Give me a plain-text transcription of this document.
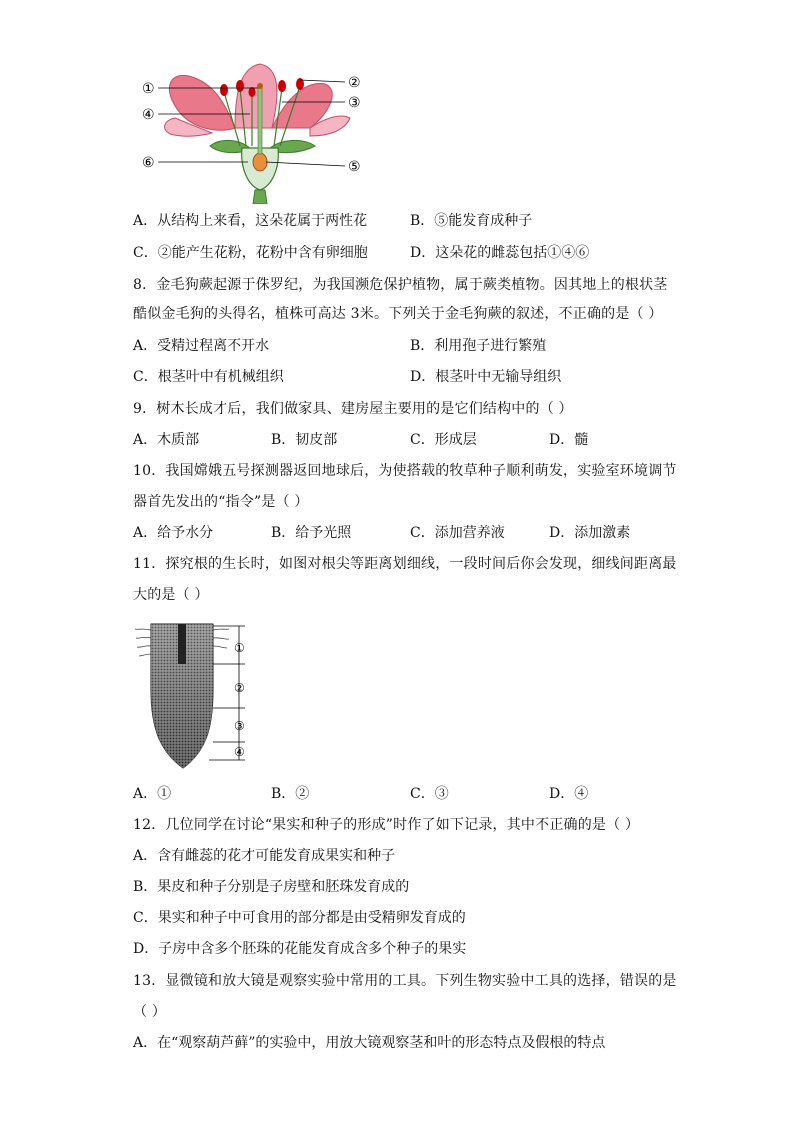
①	②
③
④
⑤
⑥
A．从结构上来看，这朵花属于两性花	B．⑤能发育成种子
C．②能产生花粉，花粉中含有卵细胞	D．这朵花的雌蕊包括①④⑥
8．金毛狗蕨起源于侏罗纪，为我国濒危保护植物，属于蕨类植物。因其地上的根状茎
酷似金毛狗的头得名，植株可高达 3米。下列关于金毛狗蕨的叙述，不正确的是（ ）
A．受精过程离不开水	B．利用孢子进行繁殖
C．根茎叶中有机械组织	D．根茎叶中无输导组织
9．树木长成才后，我们做家具、建房屋主要用的是它们结构中的（ ）
A．木质部	B．韧皮部	C．形成层	D．髓
10．我国嫦娥五号探测器返回地球后，为使搭载的牧草种子顺利萌发，实验室环境调节
器首先发出的“指令”是（ ）
A．给予水分	B．给予光照	C．添加营养液	D．添加激素
11．探究根的生长时，如图对根尖等距离划细线，一段时间后你会发现，细线间距离最
大的是（ ）
①
②
③
④
A．①	B．②	C．③	D．④
12．几位同学在讨论“果实和种子的形成”时作了如下记录，其中不正确的是（ ）
A．含有雌蕊的花才可能发育成果实和种子
B．果皮和种子分别是子房壁和胚珠发育成的
C．果实和种子中可食用的部分都是由受精卵发育成的
D．子房中含多个胚珠的花能发育成含多个种子的果实
13．显微镜和放大镜是观察实验中常用的工具。下列生物实验中工具的选择，错误的是
（ ）
A．在“观察葫芦藓”的实验中，用放大镜观察茎和叶的形态特点及假根的特点
